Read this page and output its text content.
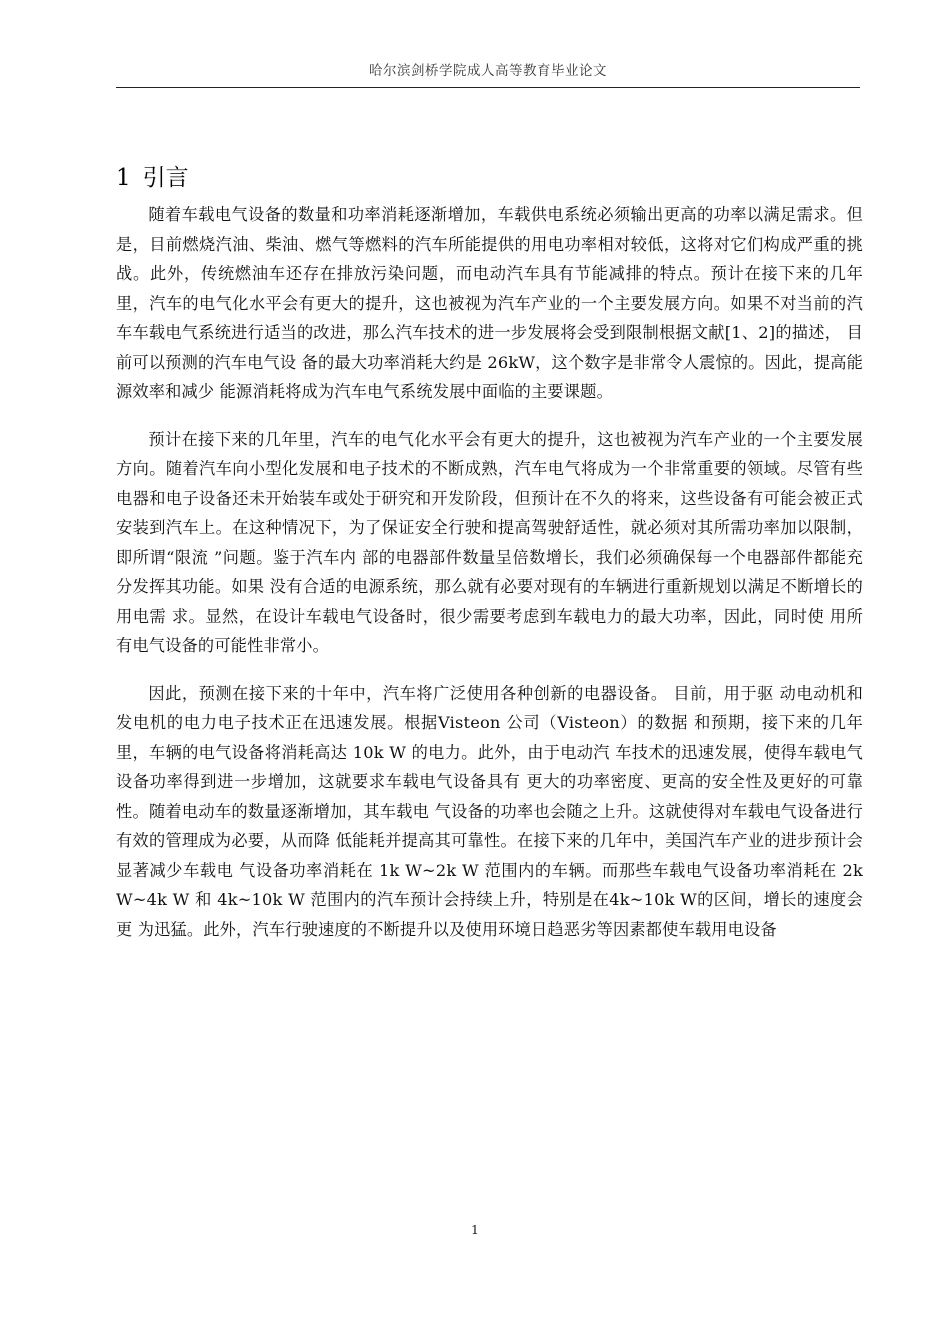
哈尔滨剑桥学院成人高等教育毕业论文
1 引言

随着车载电气设备的数量和功率消耗逐渐增加，车载供电系统必须输出更高的功率以满足需求。但是，目前燃烧汽油、柴油、燃气等燃料的汽车所能提供的用电功率相对较低，这将对它们构成严重的挑战。此外，传统燃油车还存在排放污染问题，而电动汽车具有节能减排的特点。预计在接下来的几年里，汽车的电气化水平会有更大的提升，这也被视为汽车产业的一个主要发展方向。如果不对当前的汽车车载电气系统进行适当的改进，那么汽车技术的进一步发展将会受到限制根据文献[1、2]的描述， 目前可以预测的汽车电气设 备的最大功率消耗大约是 26kW，这个数字是非常令人震惊的。因此，提高能源效率和减少 能源消耗将成为汽车电气系统发展中面临的主要课题。

预计在接下来的几年里，汽车的电气化水平会有更大的提升，这也被视为汽车产业的一个主要发展方向。随着汽车向小型化发展和电子技术的不断成熟，汽车电气将成为一个非常重要的领域。尽管有些电器和电子设备还未开始装车或处于研究和开发阶段，但预计在不久的将来，这些设备有可能会被正式安装到汽车上。在这种情况下，为了保证安全行驶和提高驾驶舒适性，就必须对其所需功率加以限制，即所谓“限流 ”问题。鉴于汽车内 部的电器部件数量呈倍数增长，我们必须确保每一个电器部件都能充分发挥其功能。如果 没有合适的电源系统，那么就有必要对现有的车辆进行重新规划以满足不断增长的用电需 求。显然，在设计车载电气设备时，很少需要考虑到车载电力的最大功率，因此，同时使 用所有电气设备的可能性非常小。

因此，预测在接下来的十年中，汽车将广泛使用各种创新的电器设备。 目前，用于驱 动电动机和发电机的电力电子技术正在迅速发展。根据Visteon 公司（Visteon）的数据 和预期，接下来的几年里，车辆的电气设备将消耗高达 10k W 的电力。此外，由于电动汽 车技术的迅速发展，使得车载电气设备功率得到进一步增加，这就要求车载电气设备具有 更大的功率密度、更高的安全性及更好的可靠性。随着电动车的数量逐渐增加，其车载电 气设备的功率也会随之上升。这就使得对车载电气设备进行有效的管理成为必要，从而降 低能耗并提高其可靠性。在接下来的几年中，美国汽车产业的进步预计会显著减少车载电 气设备功率消耗在 1k W~2k W 范围内的车辆。而那些车载电气设备功率消耗在 2k W~4k W 和 4k~10k W 范围内的汽车预计会持续上升，特别是在4k~10k W的区间，增长的速度会更 为迅猛。此外，汽车行驶速度的不断提升以及使用环境日趋恶劣等因素都使车载用电设备

1
